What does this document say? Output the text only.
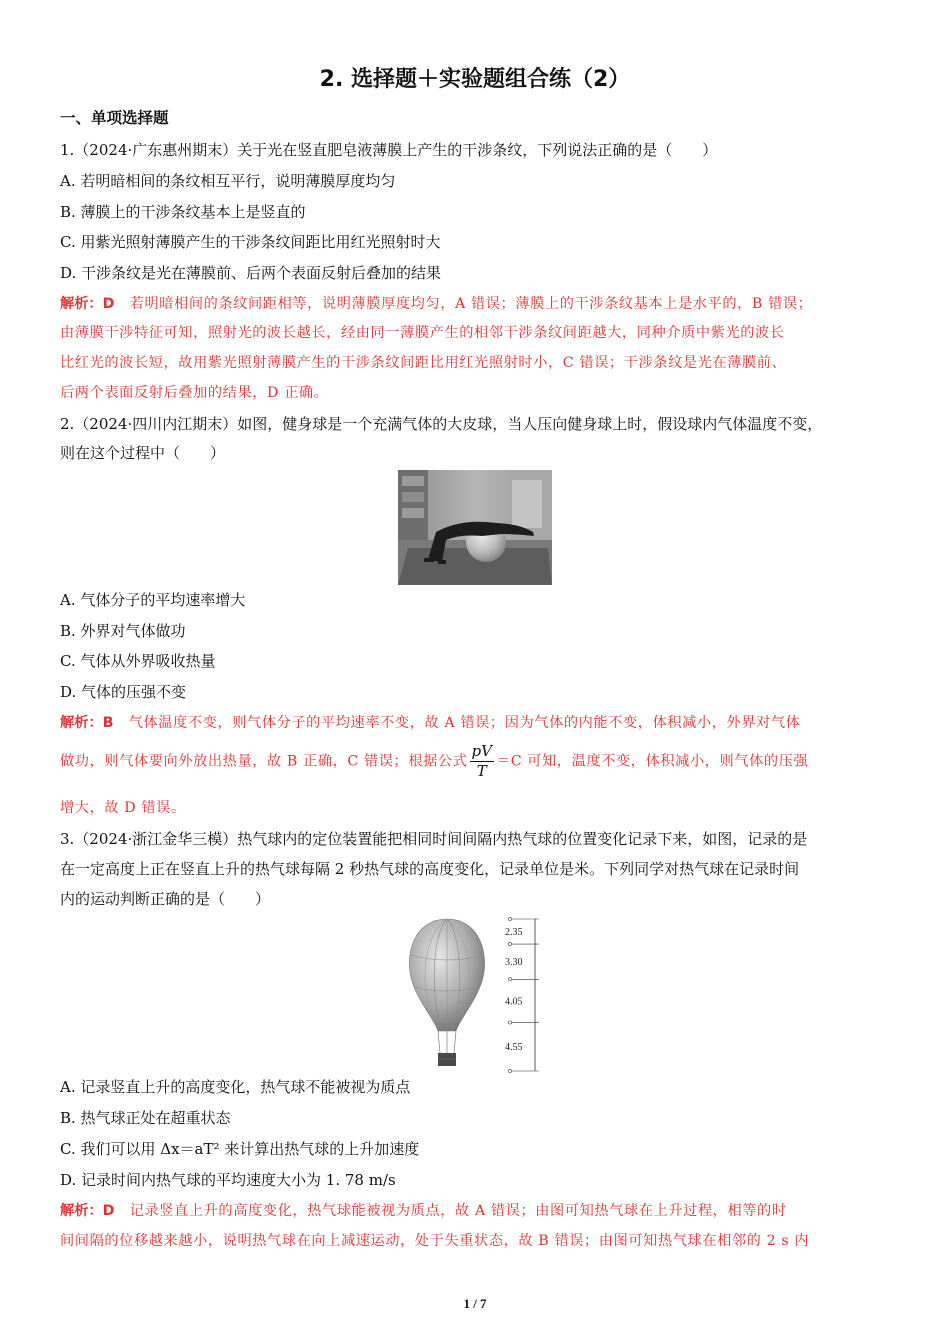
2. 选择题＋实验题组合练（2）
一、单项选择题
1.（2024·广东惠州期末）关于光在竖直肥皂液薄膜上产生的干涉条纹，下列说法正确的是（　　）
A. 若明暗相间的条纹相互平行，说明薄膜厚度均匀
B. 薄膜上的干涉条纹基本上是竖直的
C. 用紫光照射薄膜产生的干涉条纹间距比用红光照射时大
D. 干涉条纹是光在薄膜前、后两个表面反射后叠加的结果
解析：D 若明暗相间的条纹间距相等，说明薄膜厚度均匀，A 错误；薄膜上的干涉条纹基本上是水平的，B 错误；
由薄膜干涉特征可知，照射光的波长越长，经由同一薄膜产生的相邻干涉条纹间距越大，同种介质中紫光的波长
比红光的波长短，故用紫光照射薄膜产生的干涉条纹间距比用红光照射时小，C 错误；干涉条纹是光在薄膜前、
后两个表面反射后叠加的结果，D 正确。
2.（2024·四川内江期末）如图，健身球是一个充满气体的大皮球，当人压向健身球上时，假设球内气体温度不变，
则在这个过程中（　　）
A. 气体分子的平均速率增大
B. 外界对气体做功
C. 气体从外界吸收热量
D. 气体的压强不变
解析：B 气体温度不变，则气体分子的平均速率不变，故 A 错误；因为气体的内能不变，体积减小，外界对气体
做功，则气体要向外放出热量，故 B 正确，C 错误；根据公式 $\frac{pV}{T} =C$ 可知，温度不变，体积减小，则气体的压强
增大，故 D 错误。
3.（2024·浙江金华三模）热气球内的定位装置能把相同时间间隔内热气球的位置变化记录下来，如图，记录的是
在一定高度上正在竖直上升的热气球每隔 2 秒热气球的高度变化，记录单位是米。下列同学对热气球在记录时间
内的运动判断正确的是（　　）
2.35
3.30
4.05
4.55
A. 记录竖直上升的高度变化，热气球不能被视为质点
B. 热气球正处在超重状态
C. 我们可以用 Δx＝aT² 来计算出热气球的上升加速度
D. 记录时间内热气球的平均速度大小为 1. 78 m/s
解析：D 记录竖直上升的高度变化，热气球能被视为质点，故 A 错误；由图可知热气球在上升过程，相等的时
间间隔的位移越来越小，说明热气球在向上减速运动，处于失重状态，故 B 错误；由图可知热气球在相邻的 2 s 内
1 / 7
